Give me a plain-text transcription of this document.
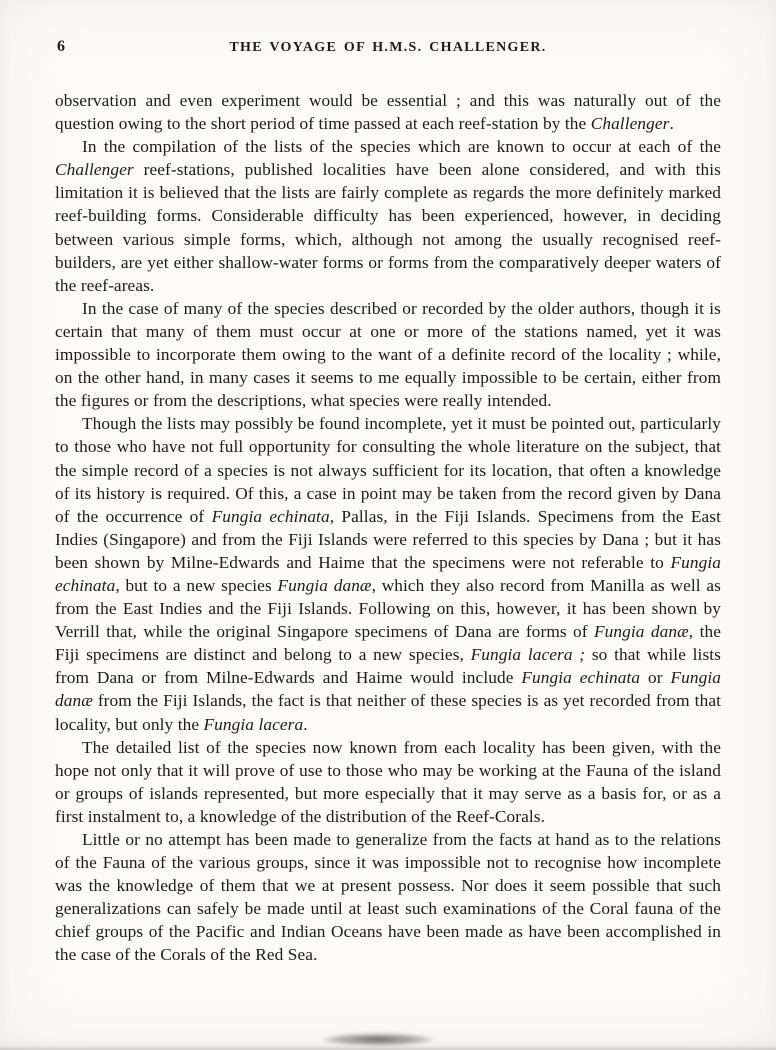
6	THE VOYAGE OF H.M.S. CHALLENGER.

observation and even experiment would be essential ; and this was naturally out of the question owing to the short period of time passed at each reef-station by the Challenger.

In the compilation of the lists of the species which are known to occur at each of the Challenger reef-stations, published localities have been alone considered, and with this limitation it is believed that the lists are fairly complete as regards the more definitely marked reef-building forms. Considerable difficulty has been experienced, however, in deciding between various simple forms, which, although not among the usually recognised reef-builders, are yet either shallow-water forms or forms from the comparatively deeper waters of the reef-areas.

In the case of many of the species described or recorded by the older authors, though it is certain that many of them must occur at one or more of the stations named, yet it was impossible to incorporate them owing to the want of a definite record of the locality ; while, on the other hand, in many cases it seems to me equally impossible to be certain, either from the figures or from the descriptions, what species were really intended.

Though the lists may possibly be found incomplete, yet it must be pointed out, particularly to those who have not full opportunity for consulting the whole literature on the subject, that the simple record of a species is not always sufficient for its location, that often a knowledge of its history is required. Of this, a case in point may be taken from the record given by Dana of the occurrence of Fungia echinata, Pallas, in the Fiji Islands. Specimens from the East Indies (Singapore) and from the Fiji Islands were referred to this species by Dana ; but it has been shown by Milne-Edwards and Haime that the specimens were not referable to Fungia echinata, but to a new species Fungia danæ, which they also record from Manilla as well as from the East Indies and the Fiji Islands. Following on this, however, it has been shown by Verrill that, while the original Singapore specimens of Dana are forms of Fungia danæ, the Fiji specimens are distinct and belong to a new species, Fungia lacera ; so that while lists from Dana or from Milne-Edwards and Haime would include Fungia echinata or Fungia danæ from the Fiji Islands, the fact is that neither of these species is as yet recorded from that locality, but only the Fungia lacera.

The detailed list of the species now known from each locality has been given, with the hope not only that it will prove of use to those who may be working at the Fauna of the island or groups of islands represented, but more especially that it may serve as a basis for, or as a first instalment to, a knowledge of the distribution of the Reef-Corals.

Little or no attempt has been made to generalize from the facts at hand as to the relations of the Fauna of the various groups, since it was impossible not to recognise how incomplete was the knowledge of them that we at present possess. Nor does it seem possible that such generalizations can safely be made until at least such examinations of the Coral fauna of the chief groups of the Pacific and Indian Oceans have been made as have been accomplished in the case of the Corals of the Red Sea.
